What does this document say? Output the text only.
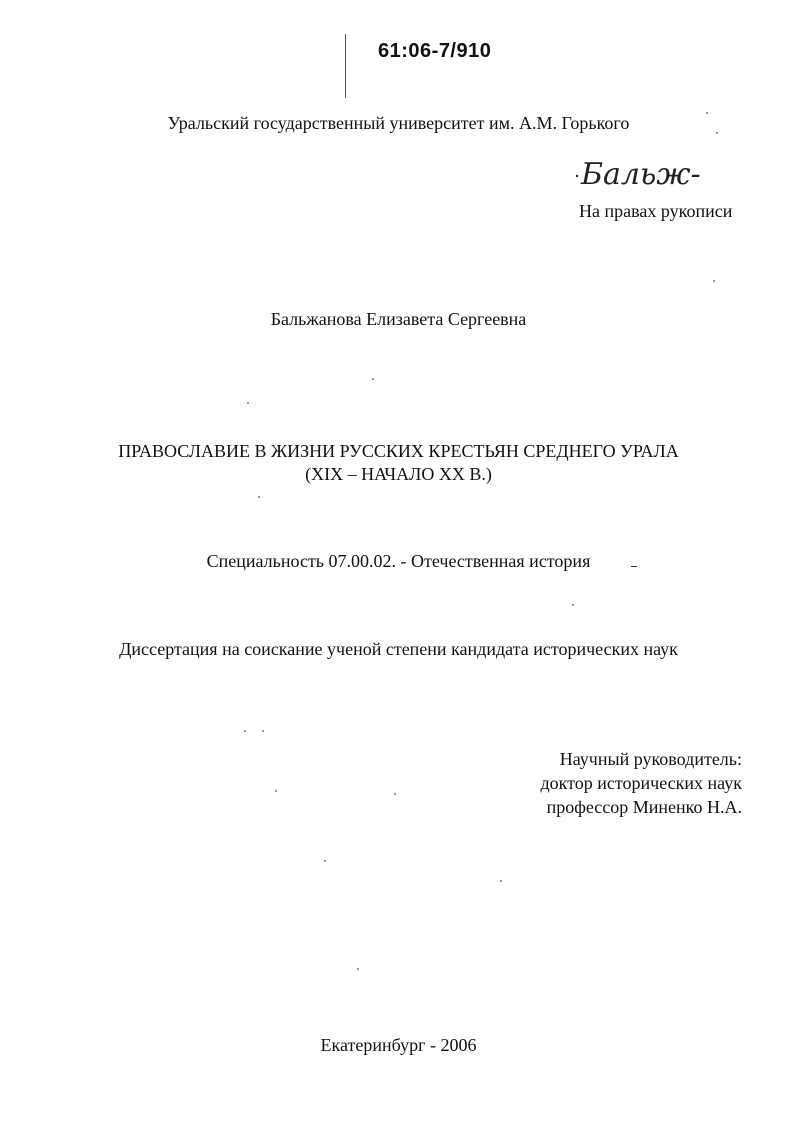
61:06-7/910
Уральский государственный университет им. А.М. Горького
Бальж-
На правах рукописи
Бальжанова Елизавета Сергеевна
ПРАВОСЛАВИЕ В ЖИЗНИ РУССКИХ КРЕСТЬЯН СРЕДНЕГО УРАЛА
(XIX – НАЧАЛО XX В.)
Специальность 07.00.02. - Отечественная история
Диссертация на соискание ученой степени кандидата исторических наук
Научный руководитель:
доктор исторических наук
профессор Миненко Н.А.
Екатеринбург - 2006
